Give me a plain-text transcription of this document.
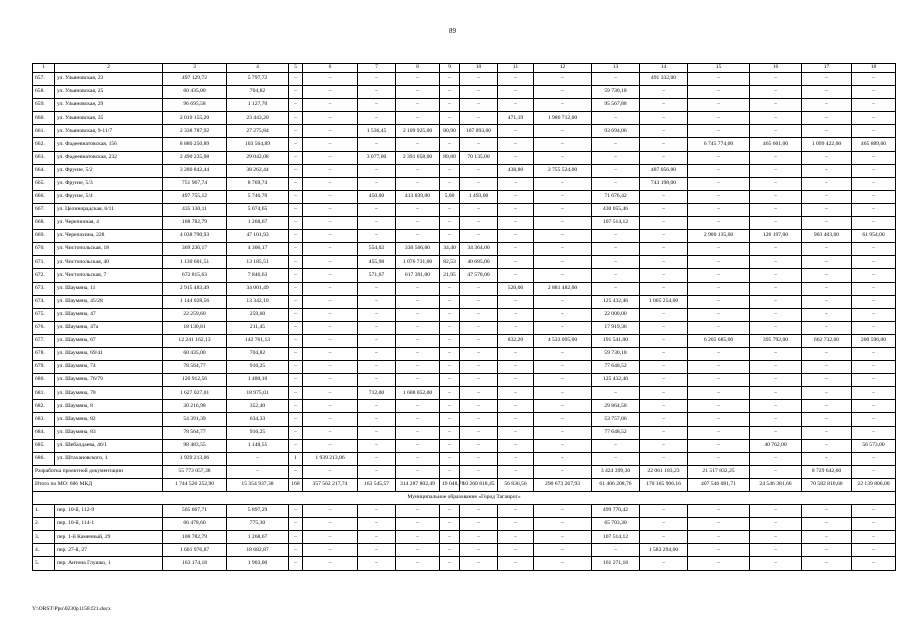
89
1	2	3	4	5	6	7	8	9	10	11	12	13	14	15	16	17	18
657.	ул. Ульяновская, 23	497 129,72	5 797,72	–	–	–	–	–	–	–	–	–	491 332,00	–	–	–	–
658.	ул. Ульяновская, 25	60 435,00	704,82	–	–	–	–	–	–	–	–	59 730,18	–	–	–	–	–
659.	ул. Ульяновская, 29	96 695,58	1 127,70	–	–	–	–	–	–	–	–	95 567,88	–	–	–	–	–
660.	ул. Ульяновская, 35	2 010 155,20	23 443,20	–	–	–	–	–	–	471,19	1 986 712,00	–	–	–	–	–	–
661.	ул. Ульяновская, 9-11/7	2 338 787,92	27 275,84	–	–	1 536,45	2 109 925,00	80,90	107 893,00	–	–	93 694,06	–	–	–	–	–
662.	ул. Фадеевнатовская, 156	8 880 250,89	103 564,89	–	–	–	–	–	–	–	–	–	–	6 745 774,00	465 601,00	1 099 422,00	465 889,00
663.	ул. Фадеевнатовская, 232	2 490 235,08	29 042,08	–	–	3 077,00	2 391 058,00	89,80	70 135,00	–	–	–	–	–	–	–	–
664.	ул. Фрунзе, 5/2	3 280 842,44	38 262,44	–	–	–	–	–	–	438,80	2 755 524,00	–	487 056,00	–	–	–	–
665.	ул. Фрунзе, 5/3	751 967,74	8 769,74	–	–	–	–	–	–	–	–	–	743 198,00	–	–	–	–
666.	ул. Фрунзе, 5/4	497 755,12	5 746,70	–	–	450,00	413 839,00	5,00	1 493,00	–	–	71 676,42	–	–	–	–	–
667.	ул. Целинорадская, 6/11	435 130,11	5 074,65	–	–	–	–	–	–	–	–	430 055,46	–	–	–	–	–
668.	ул. Черепичная, 4	108 782,79	1 268,67	–	–	–	–	–	–	–	–	107 514,12	–	–	–	–	–
669.	ул. Черепахина, 228	4 038 790,93	47 101,93	–	–	–	–	–	–	–	–	–	–	2 900 135,00	126 197,00	903 403,00	61 954,00
670.	ул. Чистопольская, 18	369 236,17	4 306,17	–	–	554,02	330 566,00	34,40	34 364,00	–	–	–	–	–	–	–	–
671.	ул. Чистопольская, 40	1 130 601,51	13 185,51	–	–	455,98	1 076 731,00	82,53	40 685,00	–	–	–	–	–	–	–	–
672.	ул. Чистопольская, 7	672 815,63	7 846,63	–	–	571,67	617 391,00	21,95	47 578,00	–	–	–	–	–	–	–	–
673.	ул. Шаумяна, 11	2 915 483,49	34 001,49	–	–	–	–	–	–	520,00	2 881 482,00	–	–	–	–	–	–
674.	ул. Шаумяна, 45/28	1 144 028,56	13 342,10	–	–	–	–	–	–	–	–	125 432,46	1 005 254,00	–	–	–	–
675.	ул. Шаумяна, 47	22 259,60	259,60	–	–	–	–	–	–	–	–	22 000,00	–	–	–	–	–
676.	ул. Шаумяна, 47а	18 130,81	211,45	–	–	–	–	–	–	–	–	17 919,36	–	–	–	–	–
677.	ул. Шаумяна, 67	12 241 162,13	142 761,13	–	–	–	–	–	–	832,20	4 533 095,00	191 541,00	–	6 205 685,00	395 792,00	662 732,00	200 596,00
678.	ул. Шаумяна, 69/41	60 435,00	704,82	–	–	–	–	–	–	–	–	59 730,18	–	–	–	–	–
679.	ул. Шаумяна, 74	78 564,77	916,25	–	–	–	–	–	–	–	–	77 648,52	–	–	–	–	–
680.	ул. Шаумяна, 76/79	126 912,56	1 480,10	–	–	–	–	–	–	–	–	125 432,46	–	–	–	–	–
681.	ул. Шаумяна, 78	1 627 027,01	18 975,01	–	–	712,00	1 608 052,00	–	–	–	–	–	–	–	–	–	–
682.	ул. Шаумяна, 8	30 216,98	352,40	–	–	–	–	–	–	–	–	29 864,58	–	–	–	–	–
683.	ул. Шаумяна, 82	54 391,39	634,33	–	–	–	–	–	–	–	–	53 757,06	–	–	–	–	–
684.	ул. Шаумяна, 83	78 564,77	916,25	–	–	–	–	–	–	–	–	77 648,52	–	–	–	–	–
685.	ул. Шебалдаева, 46/1	98 483,55	1 148,55	–	–	–	–	–	–	–	–	–	–	–	40 762,00	–	56 573,00
686.	ул. Штахановского, 1	1 939 213,06	–	1	1 939 213,06	–	–	–	–	–	–	–	–	–	–	–	–
Разработка проектной документации		55 773 057,38	–	–	–	–	–	–	–	–	–	3 424 399,30	22 061 183,23	21 517 832,25	–	8 729 642,60	–
Итого по МО: 686 МКД		1 744 526 252,90	15 354 937,38	168	357 562 217,74	163 545,57	314 287 802,49	19 048,76	10 260 818,45	56 836,56	290 673 267,93	61 406 208,76	170 165 906,16	407 546 081,71	24 546 381,66	70 582 810,60	22 139 806,00
Муниципальное образование «Город Таганрог»																	
1.	пер. 10-й, 112-9	505 667,71	5 897,29	–	–	–	–	–	–	–	–	499 770,42	–	–	–	–	–
2.	пер. 10-й, 114-1	66 478,60	775,30	–	–	–	–	–	–	–	–	65 703,30	–	–	–	–	–
3.	пер. 1-й Каменный, 29	108 782,79	1 268,67	–	–	–	–	–	–	–	–	107 514,12	–	–	–	–	–
4.	пер. 27-й, 27	1 601 976,87	18 682,87	–	–	–	–	–	–	–	–	–	1 583 294,00	–	–	–	–
5.	пер. Антона Глушко, 1	163 174,18	1 903,00	–	–	–	–	–	–	–	–	161 271,18	–	–	–	–	–
Y:\ORST\Ppo\0230p1158.f21.docx
